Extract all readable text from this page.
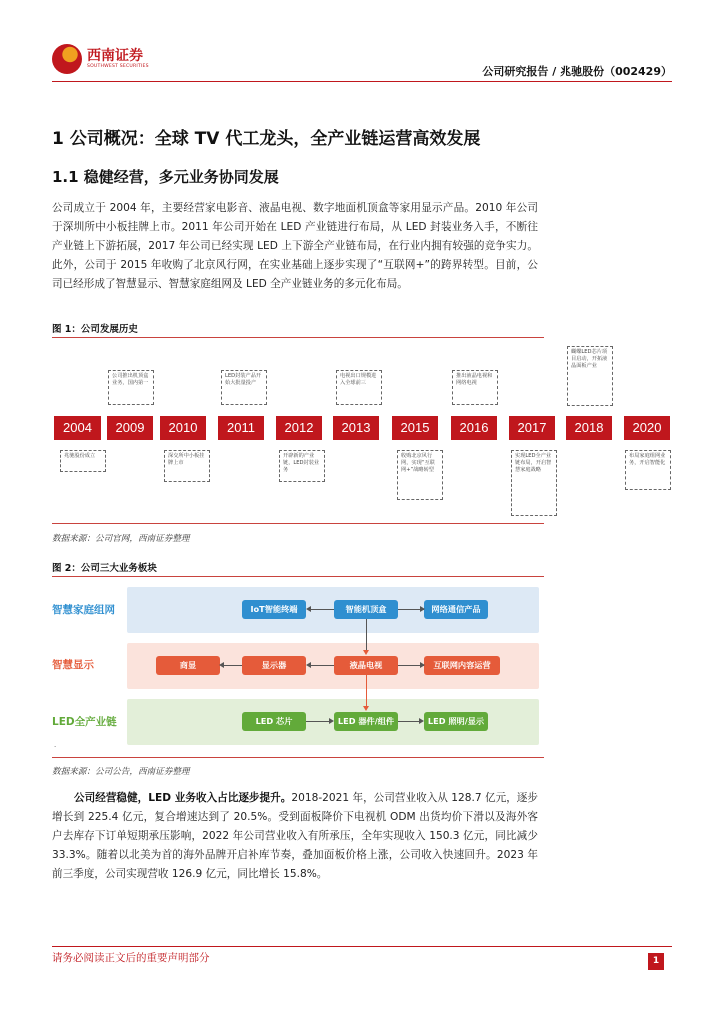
西南证券
SOUTHWEST SECURITIES	公司研究报告 / 兆驰股份（002429）
1 公司概况：全球 TV 代工龙头，全产业链运营高效发展
1.1 稳健经营，多元业务协同发展
公司成立于 2004 年，主要经营家电影音、液晶电视、数字地面机顶盒等家用显示产品。2010 年公司于深圳所中小板挂牌上市。2011 年公司开始在 LED 产业链进行布局，从 LED 封装业务入手，不断往产业链上下游拓展，2017 年公司已经实现 LED 上下游全产业链布局，在行业内拥有较强的竞争实力。此外，公司于 2015 年收购了北京风行网，在实业基础上逐步实现了“互联网+”的跨界转型。目前，公司已经形成了智慧显示、智慧家庭组网及 LED 全产业链业务的多元化布局。
图 1：公司发展历史
2004	2009	2010	2011	2012	2013	2015	2016	2017	2018	2020
公司推出机顶盒业务，国内第一
LED封装产品开始大批量投产
电视出口规模进入全球前三
推出液晶电视和网络电视
蝴蝶LED芯片项目启动，开拓液晶面板产业
兆驰股份成立	深交所中小板挂牌上市
开辟新的产业链，LED封装业务
收购北京风行网，实现“互联网+”战略转型
实现LED全产业链布局，开启智慧家庭战略
布局家庭组网业务，开启智能化
数据来源：公司官网，西南证券整理
图 2：公司三大业务板块
智慧家庭组网
智慧显示
LED全产业链
IoT智能终端	智能机顶盒	网络通信产品
商显	显示器	液晶电视	互联网内容运营
LED 芯片	LED 器件/组件	LED 照明/显示
.
数据来源：公司公告，西南证券整理
公司经营稳健，LED 业务收入占比逐步提升。2018-2021 年，公司营业收入从 128.7 亿元，逐步增长到 225.4 亿元，复合增速达到了 20.5%。受到面板降价下电视机 ODM 出货均价下滑以及海外客户去库存下订单短期承压影响，2022 年公司营业收入有所承压，全年实现收入 150.3 亿元，同比减少 33.3%。随着以北美为首的海外品牌开启补库节奏，叠加面板价格上涨，公司收入快速回升。2023 年前三季度，公司实现营收 126.9 亿元，同比增长 15.8%。
请务必阅读正文后的重要声明部分	1
